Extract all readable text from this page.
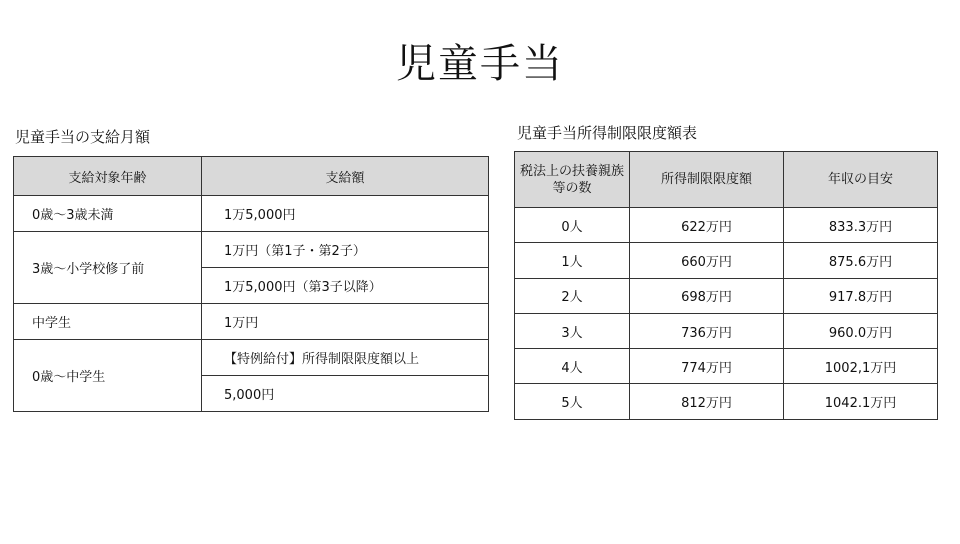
児童手当
児童手当の支給月額
支給対象年齢	支給額
0歳～3歳未満	1万5,000円
3歳～小学校修了前	1万円（第1子・第2子）
	1万5,000円（第3子以降）
中学生	1万円
0歳～中学生	【特例給付】所得制限限度額以上
	5,000円
児童手当所得制限限度額表
税法上の扶養親族等の数	所得制限限度額	年収の目安
0人	622万円	833.3万円
1人	660万円	875.6万円
2人	698万円	917.8万円
3人	736万円	960.0万円
4人	774万円	1002,1万円
5人	812万円	1042.1万円
